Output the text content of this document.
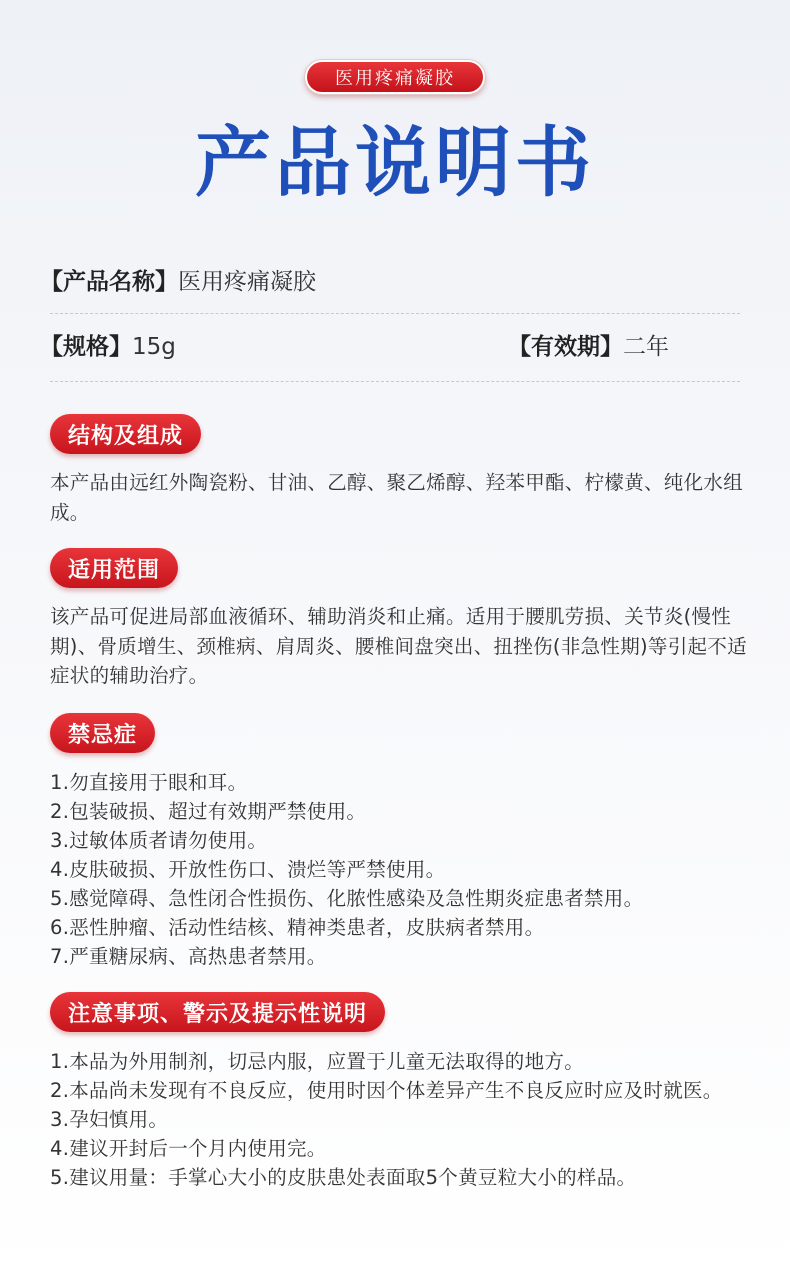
医用疼痛凝胶
产品说明书
【产品名称】医用疼痛凝胶
【规格】15g	【有效期】二年
结构及组成
本产品由远红外陶瓷粉、甘油、乙醇、聚乙烯醇、羟苯甲酯、柠檬黄、纯化水组成。
适用范围
该产品可促进局部血液循环、辅助消炎和止痛。适用于腰肌劳损、关节炎(慢性期)、骨质增生、颈椎病、肩周炎、腰椎间盘突出、扭挫伤(非急性期)等引起不适症状的辅助治疗。
禁忌症
1.勿直接用于眼和耳。
2.包装破损、超过有效期严禁使用。
3.过敏体质者请勿使用。
4.皮肤破损、开放性伤口、溃烂等严禁使用。
5.感觉障碍、急性闭合性损伤、化脓性感染及急性期炎症患者禁用。
6.恶性肿瘤、活动性结核、精神类患者，皮肤病者禁用。
7.严重糖尿病、高热患者禁用。
注意事项、警示及提示性说明
1.本品为外用制剂，切忌内服，应置于儿童无法取得的地方。
2.本品尚未发现有不良反应，使用时因个体差异产生不良反应时应及时就医。
3.孕妇慎用。
4.建议开封后一个月内使用完。
5.建议用量：手掌心大小的皮肤患处表面取5个黄豆粒大小的样品。
